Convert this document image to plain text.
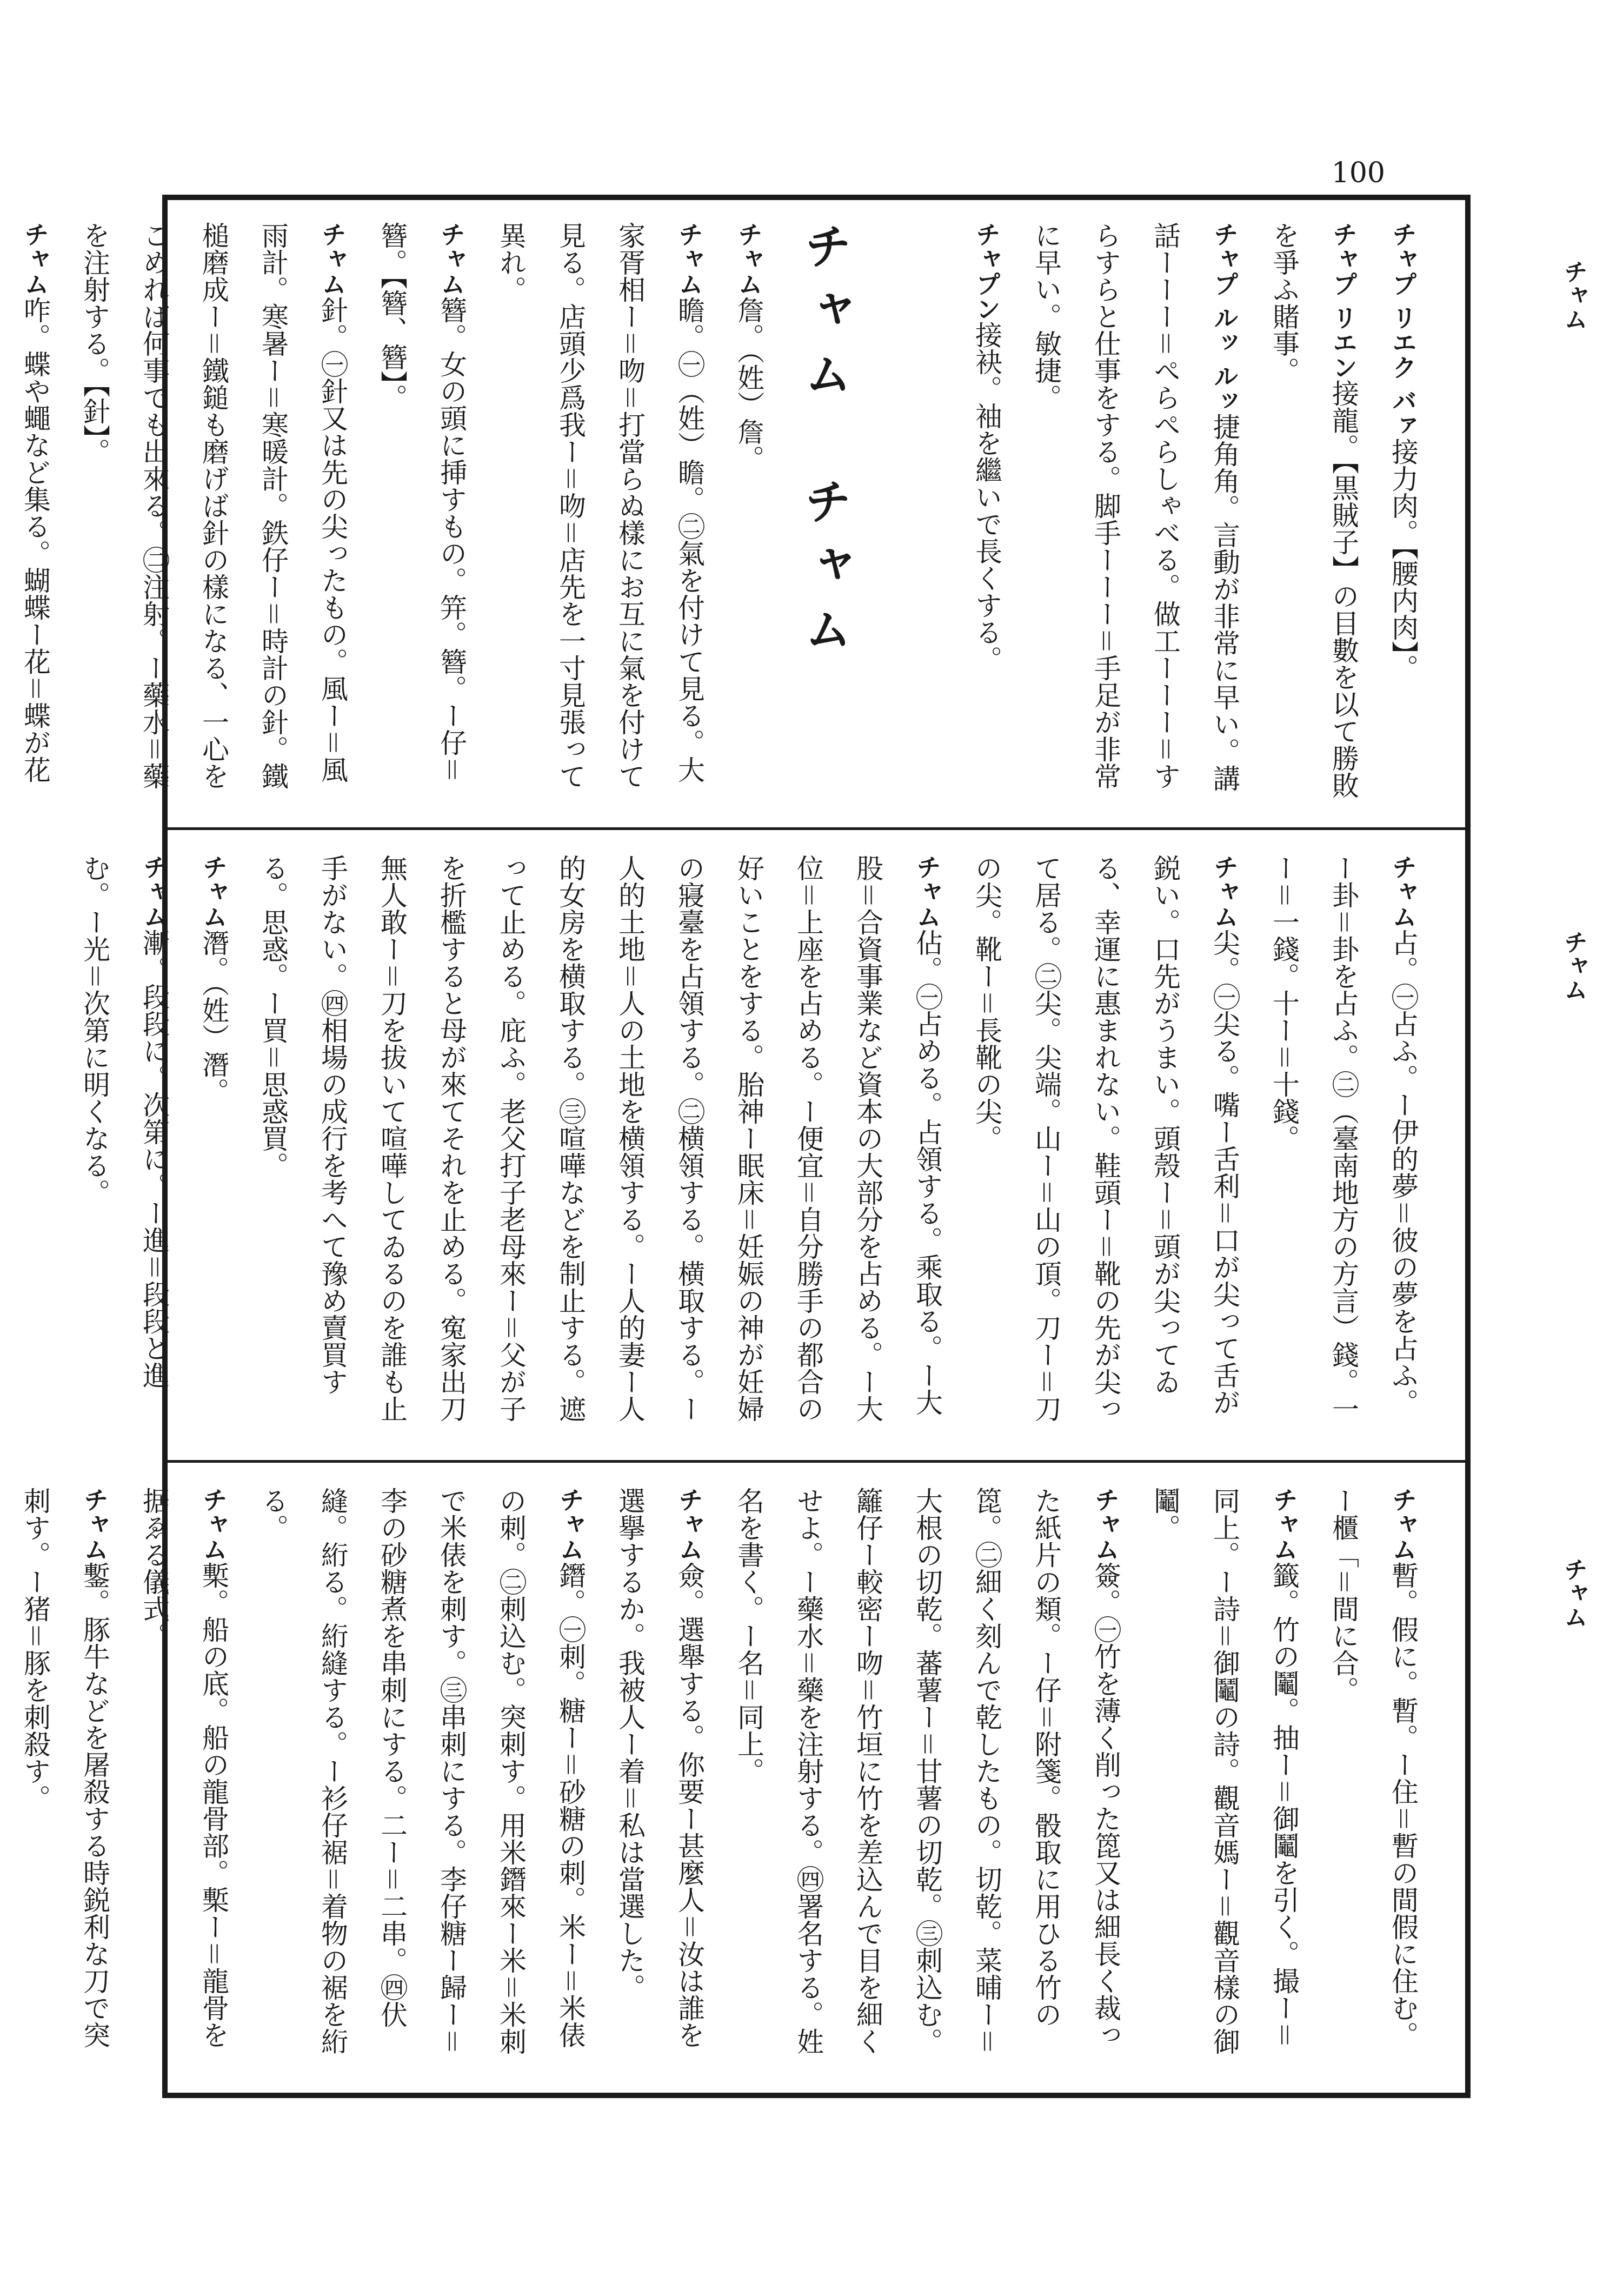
100
チャム
チャム
チャム
チャプ リエク バァ接力肉。【腰内肉】。
チャプ リエン接龍。【黒賊子】の目數を以て勝敗を爭ふ賭事。
チャプ ルッ ルッ捷角角。言動が非常に早い。講話ーーー＝ぺらぺらしゃべる。做工ーーー＝すらすらと仕事をする。脚手ーーー＝手足が非常に早い。敏捷。
チャプン接袂。袖を繼いで長くする。
チャム　チャム
チャム詹。（姓）詹。
チャム瞻。㊀（姓）瞻。㊁氣を付けて見る。大家胥相ー＝吻＝打當らぬ樣にお互に氣を付けて見る。店頭少爲我ー＝吻＝店先を一寸見張って異れ。
チャム簪。女の頭に挿すもの。笄。簪。ー仔＝簪。【簪、簪】。
チャム針。㊀針又は先の尖ったもの。風ー＝風雨計。寒暑ー＝寒暖計。鉄仔ー＝時計の針。鐵槌磨成ー＝鐵鎚も磨げば針の樣になる、一心をこめれば何事でも出來る。㊁注射。ー藥水＝藥を注射する。【針】。
チャム咋。蝶や蠅など集る。蝴蝶ー花＝蝶が花
チャム占。㊀占ふ。ー伊的夢＝彼の夢を占ふ。ー卦＝卦を占ふ。㊁（臺南地方の方言）錢。一ー＝一錢。十ー＝十錢。
チャム尖。㊀尖る。嘴ー舌利＝口が尖って舌が鋭い。口先がうまい。頭殼ー＝頭が尖ってゐる、幸運に惠まれない。鞋頭ー＝靴の先が尖って居る。㊁尖。尖端。山ー＝山の頂。刀ー＝刀の尖。靴ー＝長靴の尖。
チャム佔。㊀占める。占領する。乘取る。ー大股＝合資事業など資本の大部分を占める。ー大位＝上座を占める。ー便宜＝自分勝手の都合の好いことをする。胎神ー眠床＝妊娠の神が妊婦の寢臺を占領する。㊁横領する。横取する。ー人的土地＝人の土地を横領する。ー人的妻ー人的女房を横取する。㊂喧嘩などを制止する。遮って止める。庇ふ。老父打子老母來ー＝父が子を折檻すると母が來てそれを止める。寃家出刀無人敢ー＝刀を拔いて喧嘩してゐるのを誰も止手がない。㊃相場の成行を考へて豫め賣買する。思惑。ー買＝思惑買。
チャム潛。（姓）潛。
チャム漸。段段に。次第に。ー進＝段段と進む。ー光＝次第に明くなる。
チャム暫。假に。暫。ー住＝暫の間假に住む。ー櫃「＝間に合。
チャム籤。竹の鬮。抽ー＝御鬮を引く。撮ー＝同上。ー詩＝御鬮の詩。觀音媽ー＝觀音樣の御鬮。
チャム簽。㊀竹を薄く削った箆又は細長く裁った紙片の類。ー仔＝附箋。骰取に用ひる竹の箆。㊁細く刻んで乾したもの。切乾。菜晡ー＝大根の切乾。蕃薯ー＝甘薯の切乾。㊂刺込む。籬仔ー較密ー吻＝竹垣に竹を差込んで目を細くせよ。ー藥水＝藥を注射する。㊃署名する。姓名を書く。ー名＝同上。
チャム僉。選舉する。你要ー甚麼人＝汝は誰を選擧するか。我被人ー着＝私は當選した。
チャム鐕。㊀刺。糖ー＝砂糖の刺。米ー＝米俵の刺。㊁刺込む。突刺す。用米鐕來ー米＝米刺で米俵を刺す。㊂串刺にする。李仔糖ー歸ー＝李の砂糖煮を串刺にする。二ー＝二串。㊃伏縫。絎る。絎縫する。ー衫仔裾＝着物の裾を絎る。
チャム槧。船の底。船の龍骨部。槧ー＝龍骨を据ゑる儀式。
チャム鏨。豚牛などを屠殺する時鋭利な刀で突刺す。ー猪＝豚を刺殺す。
